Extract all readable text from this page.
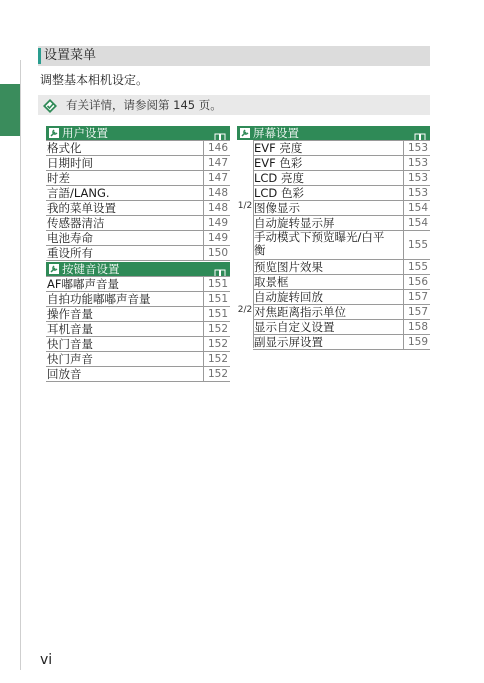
设置菜单
调整基本相机设定。
有关详情，请参阅第 145 页。
用户设置
格式化	146
日期时间	147
时差	147
言語/LANG.	148
我的菜单设置	148
传感器清洁	149
电池寿命	149
重设所有	150
按键音设置
AF嘟嘟声音量	151
自拍功能嘟嘟声音量	151
操作音量	151
耳机音量	152
快门音量	152
快门声音	152
回放音	152
屏幕设置
EVF 亮度	153
EVF 色彩	153
LCD 亮度	153
LCD 色彩	153
图像显示	154
自动旋转显示屏	154
手动模式下预览曝光/白平衡	155
预览图片效果	155
取景框	156
自动旋转回放	157
对焦距离指示单位	157
显示自定义设置	158
副显示屏设置	159
1/2
2/2
vi
